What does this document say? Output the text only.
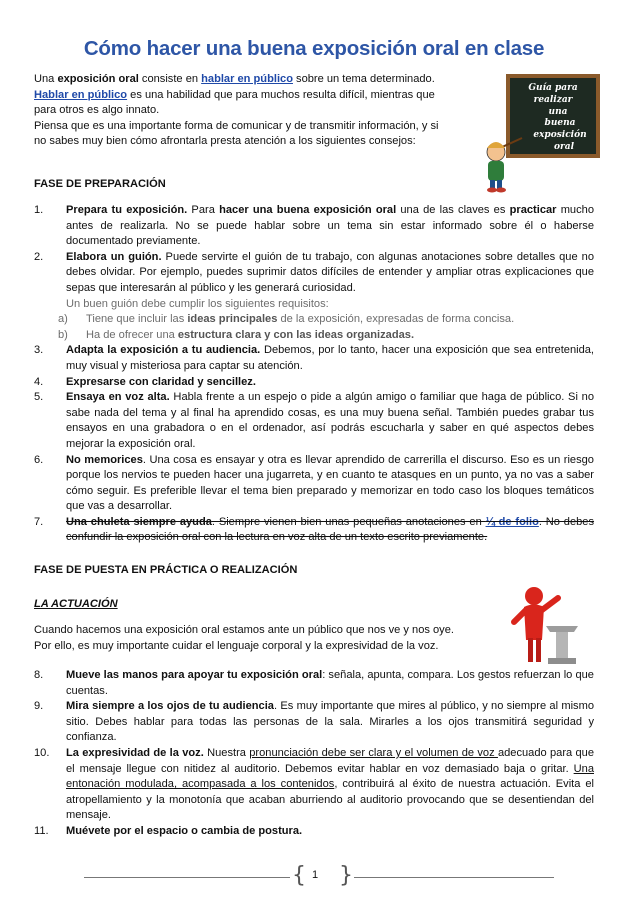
Cómo hacer una buena exposición oral en clase
Una exposición oral consiste en hablar en público sobre un tema determinado.
Hablar en público es una habilidad que para muchos resulta difícil, mientras que
para otros es algo innato.
Piensa que es una importante forma de comunicar y de transmitir información, y si
no sabes muy bien cómo afrontarla presta atención a los siguientes consejos:
Guía para
realizar
una
buena
exposición
oral
FASE DE PREPARACIÓN
1. Prepara tu exposición. Para hacer una buena exposición oral una de las claves es practicar mucho antes de realizarla. No se puede hablar sobre un tema sin estar informado sobre él o haberse documentado previamente.
2. Elabora un guión. Puede servirte el guión de tu trabajo, con algunas anotaciones sobre detalles que no debes olvidar. Por ejemplo, puedes suprimir datos difíciles de entender y ampliar otras explicaciones que sepas que interesarán al público y les generará curiosidad.
Un buen guión debe cumplir los siguientes requisitos:
a) Tiene que incluir las ideas principales de la exposición, expresadas de forma concisa.
b) Ha de ofrecer una estructura clara y con las ideas organizadas.
3. Adapta la exposición a tu audiencia. Debemos, por lo tanto, hacer una exposición que sea entretenida, muy visual y misteriosa para captar su atención.
4. Expresarse con claridad y sencillez.
5. Ensaya en voz alta. Habla frente a un espejo o pide a algún amigo o familiar que haga de público. Si no sabe nada del tema y al final ha aprendido cosas, es una muy buena señal. También puedes grabar tus ensayos en una grabadora o en el ordenador, así podrás escucharla y saber en qué aspectos debes mejorar la exposición oral.
6. No memorices. Una cosa es ensayar y otra es llevar aprendido de carrerilla el discurso. Eso es un riesgo porque los nervios te pueden hacer una jugarreta, y en cuanto te atasques en un punto, ya no vas a saber cómo seguir. Es preferible llevar el tema bien preparado y memorizar en todo caso los bloques temáticos que vas a desarrollar.
7. Una chuleta siempre ayuda. Siempre vienen bien unas pequeñas anotaciones en ¼ de folio. No debes confundir la exposición oral con la lectura en voz alta de un texto escrito previamente.
FASE DE PUESTA EN PRÁCTICA O REALIZACIÓN
LA ACTUACIÓN
Cuando hacemos una exposición oral estamos ante un público que nos ve y nos oye.
Por ello, es muy importante cuidar el lenguaje corporal y la expresividad de la voz.
8. Mueve las manos para apoyar tu exposición oral: señala, apunta, compara. Los gestos refuerzan lo que cuentas.
9. Mira siempre a los ojos de tu audiencia. Es muy importante que mires al público, y no siempre al mismo sitio. Debes hablar para todas las personas de la sala. Mirarles a los ojos transmitirá seguridad y confianza.
10. La expresividad de la voz. Nuestra pronunciación debe ser clara y el volumen de voz adecuado para que el mensaje llegue con nitidez al auditorio. Debemos evitar hablar en voz demasiado baja o gritar. Una entonación modulada, acompasada a los contenidos, contribuirá al éxito de nuestra actuación. Evita el atropellamiento y la monotonía que acaban aburriendo al auditorio provocando que se desentiendan del mensaje.
11. Muévete por el espacio o cambia de postura.
{ 1 }
